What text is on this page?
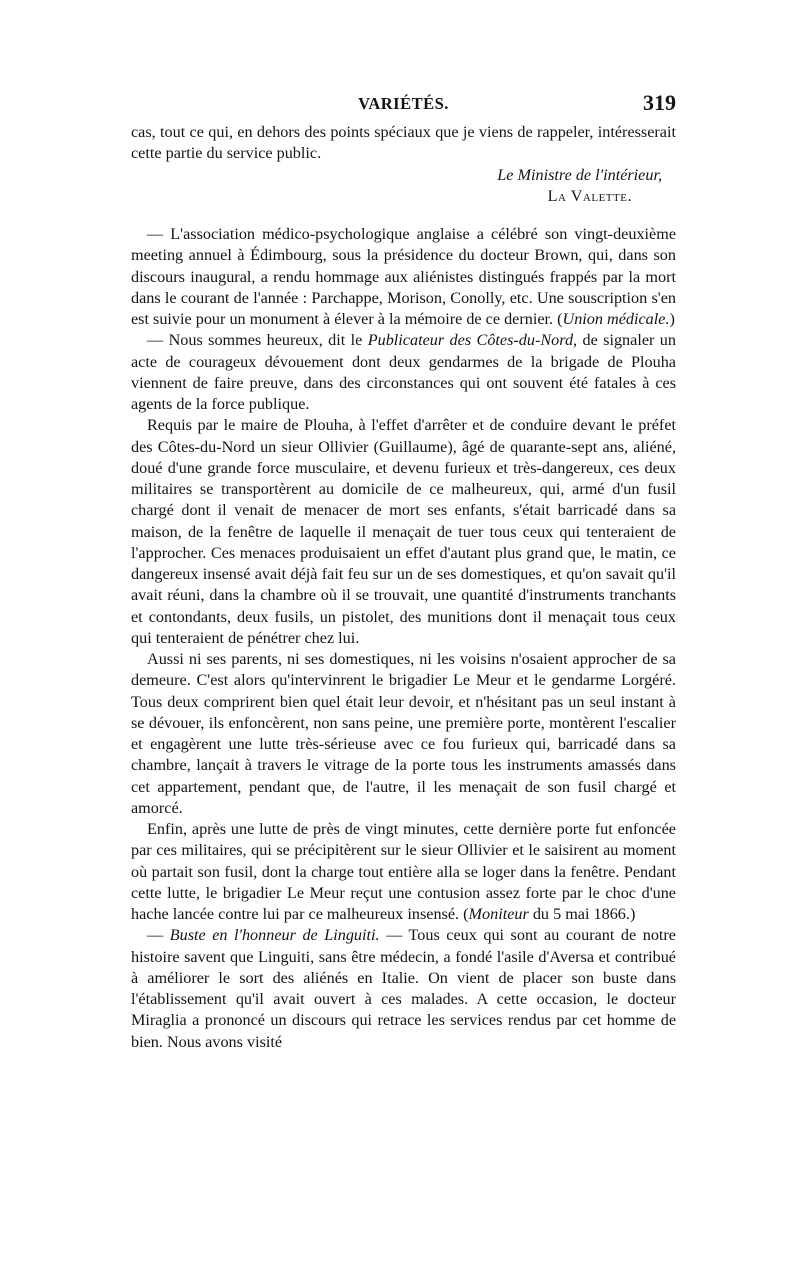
VARIÉTÉS.	319

cas, tout ce qui, en dehors des points spéciaux que je viens de rappeler, intéresserait cette partie du service public.

Le Ministre de l'intérieur,
La Valette.

— L'association médico-psychologique anglaise a célébré son vingt-deuxième meeting annuel à Édimbourg, sous la présidence du docteur Brown, qui, dans son discours inaugural, a rendu hommage aux aliénistes distingués frappés par la mort dans le courant de l'année : Parchappe, Morison, Conolly, etc. Une souscription s'en est suivie pour un monument à élever à la mémoire de ce dernier. (Union médicale.)

— Nous sommes heureux, dit le Publicateur des Côtes-du-Nord, de signaler un acte de courageux dévouement dont deux gendarmes de la brigade de Plouha viennent de faire preuve, dans des circonstances qui ont souvent été fatales à ces agents de la force publique.

Requis par le maire de Plouha, à l'effet d'arrêter et de conduire devant le préfet des Côtes-du-Nord un sieur Ollivier (Guillaume), âgé de quarante-sept ans, aliéné, doué d'une grande force musculaire, et devenu furieux et très-dangereux, ces deux militaires se transportèrent au domicile de ce malheureux, qui, armé d'un fusil chargé dont il venait de menacer de mort ses enfants, s'était barricadé dans sa maison, de la fenêtre de laquelle il menaçait de tuer tous ceux qui tenteraient de l'approcher. Ces menaces produisaient un effet d'autant plus grand que, le matin, ce dangereux insensé avait déjà fait feu sur un de ses domestiques, et qu'on savait qu'il avait réuni, dans la chambre où il se trouvait, une quantité d'instruments tranchants et contondants, deux fusils, un pistolet, des munitions dont il menaçait tous ceux qui tenteraient de pénétrer chez lui.

Aussi ni ses parents, ni ses domestiques, ni les voisins n'osaient approcher de sa demeure. C'est alors qu'intervinrent le brigadier Le Meur et le gendarme Lorgéré. Tous deux comprirent bien quel était leur devoir, et n'hésitant pas un seul instant à se dévouer, ils enfoncèrent, non sans peine, une première porte, montèrent l'escalier et engagèrent une lutte très-sérieuse avec ce fou furieux qui, barricadé dans sa chambre, lançait à travers le vitrage de la porte tous les instruments amassés dans cet appartement, pendant que, de l'autre, il les menaçait de son fusil chargé et amorcé.

Enfin, après une lutte de près de vingt minutes, cette dernière porte fut enfoncée par ces militaires, qui se précipitèrent sur le sieur Ollivier et le saisirent au moment où partait son fusil, dont la charge tout entière alla se loger dans la fenêtre. Pendant cette lutte, le brigadier Le Meur reçut une contusion assez forte par le choc d'une hache lancée contre lui par ce malheureux insensé. (Moniteur du 5 mai 1866.)

— Buste en l'honneur de Linguiti. — Tous ceux qui sont au courant de notre histoire savent que Linguiti, sans être médecin, a fondé l'asile d'Aversa et contribué à améliorer le sort des aliénés en Italie. On vient de placer son buste dans l'établissement qu'il avait ouvert à ces malades. A cette occasion, le docteur Miraglia a prononcé un discours qui retrace les services rendus par cet homme de bien. Nous avons visité
